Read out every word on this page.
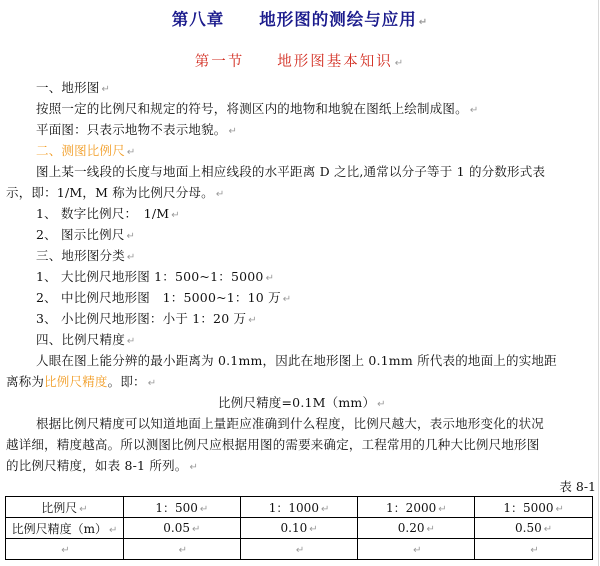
第八章　　地形图的测绘与应用 ↵
第一节　　地形图基本知识 ↵
一、地形图 ↵
按照一定的比例尺和规定的符号，将测区内的地物和地貌在图纸上绘制成图。 ↵
平面图：只表示地物不表示地貌。 ↵
二、测图比例尺 ↵
图上某一线段的长度与地面上相应线段的水平距离 D 之比,通常以分子等于 1 的分数形式表
示，即：1/M，M 称为比例尺分母。 ↵
1、 数字比例尺：　1/M ↵
2、 图示比例尺 ↵
三、地形图分类 ↵
1、 大比例尺地形图 1：500~1：5000 ↵
2、 中比例尺地形图　1：5000~1：10 万 ↵
3、 小比例尺地形图：小于 1：20 万 ↵
四、比例尺精度 ↵
人眼在图上能分辨的最小距离为 0.1mm，因此在地形图上 0.1mm 所代表的地面上的实地距
离称为比例尺精度。即： ↵
比例尺精度=0.1M（mm） ↵
根据比例尺精度可以知道地面上量距应准确到什么程度，比例尺越大，表示地形变化的状况
越详细，精度越高。所以测图比例尺应根据用图的需要来确定，工程常用的几种大比例尺地形图
的比例尺精度，如表 8-1 所列。 ↵
表 8-1
比例尺 ↵	1：500 ↵	1：1000 ↵	1：2000 ↵	1：5000 ↵
比例尺精度（m） ↵	0.05 ↵	0.10 ↵	0.20 ↵	0.50 ↵
↵	↵	↵	↵	↵
